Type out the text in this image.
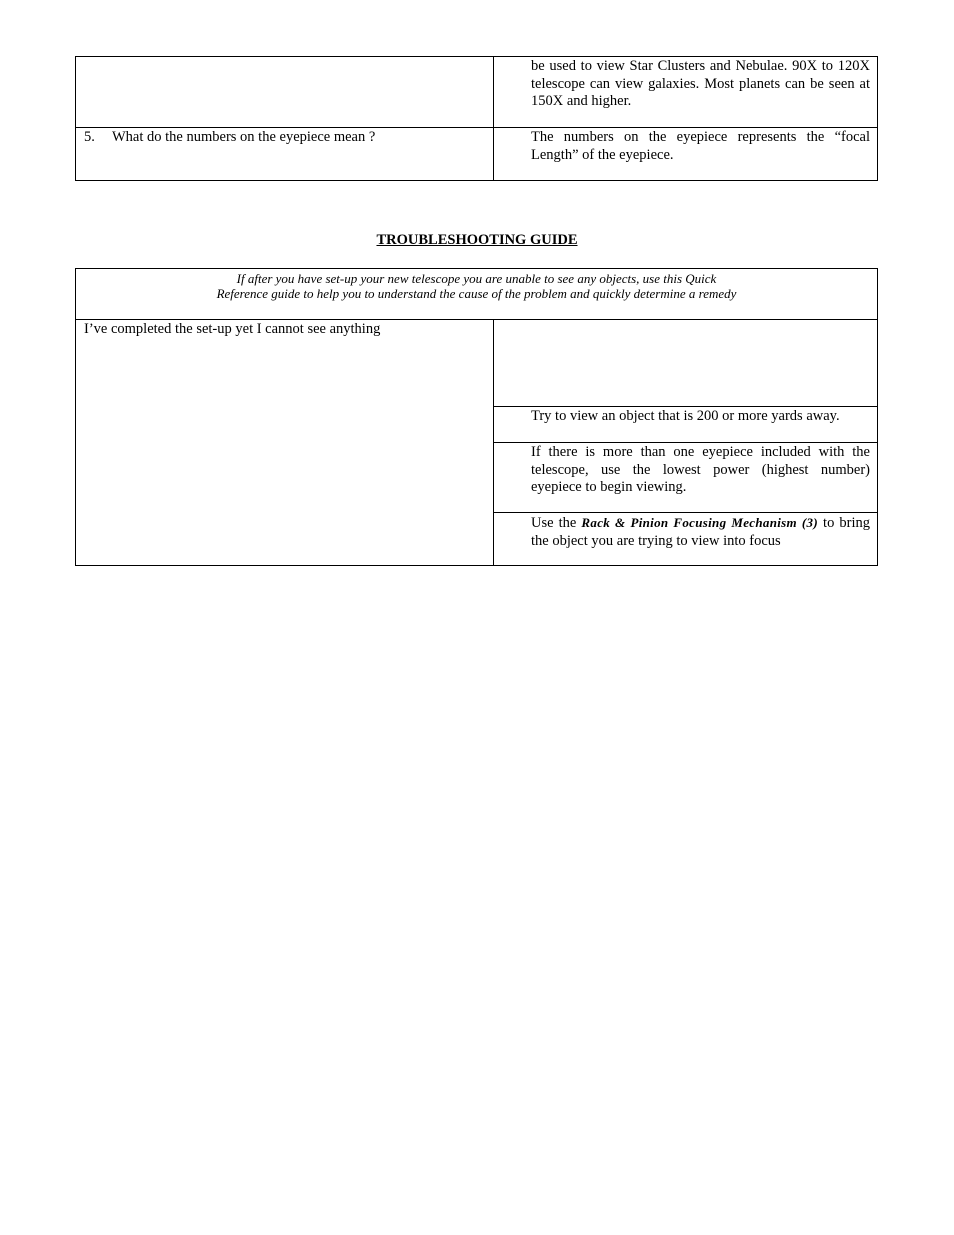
be used to view Star Clusters and Nebulae. 90X to 120X telescope can view galaxies. Most planets can be seen at 150X and higher.
5. What do the numbers on the eyepiece mean ?	The numbers on the eyepiece represents the “focal Length” of the eyepiece.
TROUBLESHOOTING GUIDE
If after you have set-up your new telescope you are unable to see any objects, use this Quick
Reference guide to help you to understand the cause of the problem and quickly determine a remedy
I’ve completed the set-up yet I cannot see anything
Try to view an object that is 200 or more yards away.
If there is more than one eyepiece included with the telescope, use the lowest power (highest number) eyepiece to begin viewing.
Use the Rack & Pinion Focusing Mechanism (3) to bring the object you are trying to view into focus
